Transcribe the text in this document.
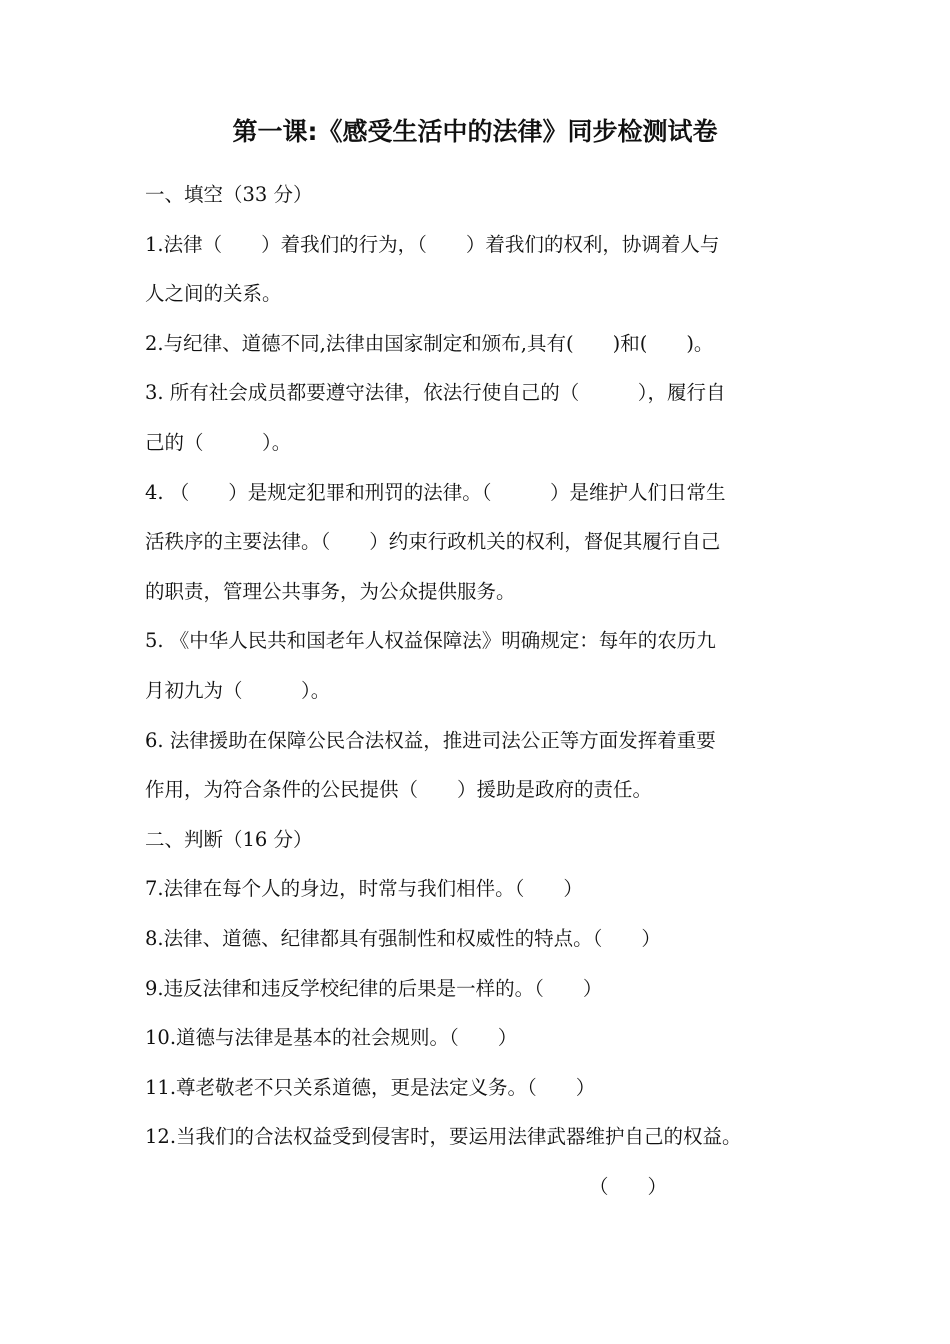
第一课:《感受生活中的法律》同步检测试卷

一、填空（33 分）

1.法律（　　）着我们的行为，（　　）着我们的权利，协调着人与

人之间的关系。

2.与纪律、道德不同,法律由国家制定和颁布,具有(　　)和(　　)。

3. 所有社会成员都要遵守法律，依法行使自己的（　　　），履行自

己的（　　　）。

4. （　　）是规定犯罪和刑罚的法律。（　　　）是维护人们日常生

活秩序的主要法律。（　　）约束行政机关的权利，督促其履行自己

的职责，管理公共事务，为公众提供服务。

5. 《中华人民共和国老年人权益保障法》明确规定：每年的农历九

月初九为（　　　）。

6. 法律援助在保障公民合法权益，推进司法公正等方面发挥着重要

作用，为符合条件的公民提供（　　）援助是政府的责任。

二、判断（16 分）

7.法律在每个人的身边，时常与我们相伴。（　　）

8.法律、道德、纪律都具有强制性和权威性的特点。（　　）

9.违反法律和违反学校纪律的后果是一样的。（　　）

10.道德与法律是基本的社会规则。（　　）

11.尊老敬老不只关系道德，更是法定义务。（　　）

12.当我们的合法权益受到侵害时，要运用法律武器维护自己的权益。

（　　）
